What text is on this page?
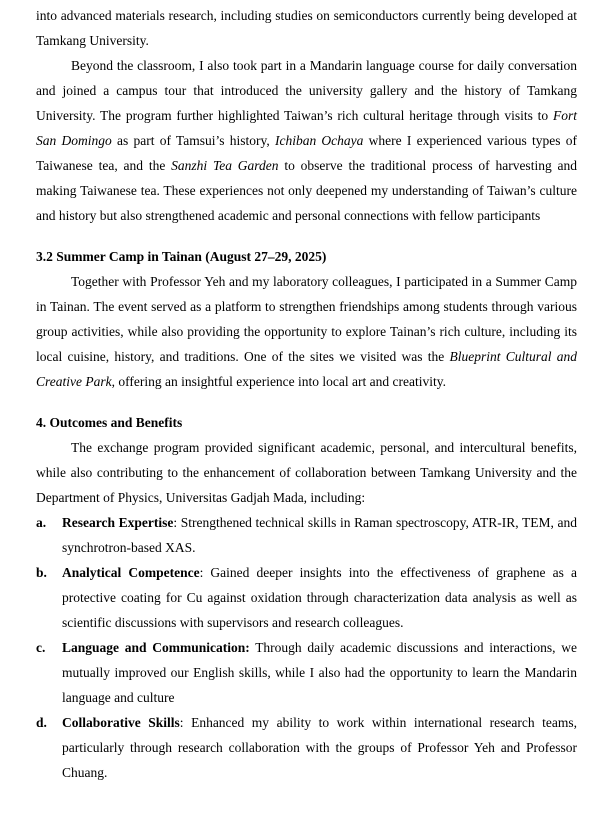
into advanced materials research, including studies on semiconductors currently being developed at Tamkang University.
Beyond the classroom, I also took part in a Mandarin language course for daily conversation and joined a campus tour that introduced the university gallery and the history of Tamkang University. The program further highlighted Taiwan’s rich cultural heritage through visits to Fort San Domingo as part of Tamsui’s history, Ichiban Ochaya where I experienced various types of Taiwanese tea, and the Sanzhi Tea Garden to observe the traditional process of harvesting and making Taiwanese tea. These experiences not only deepened my understanding of Taiwan’s culture and history but also strengthened academic and personal connections with fellow participants
3.2 Summer Camp in Tainan (August 27–29, 2025)
Together with Professor Yeh and my laboratory colleagues, I participated in a Summer Camp in Tainan. The event served as a platform to strengthen friendships among students through various group activities, while also providing the opportunity to explore Tainan’s rich culture, including its local cuisine, history, and traditions. One of the sites we visited was the Blueprint Cultural and Creative Park, offering an insightful experience into local art and creativity.
4. Outcomes and Benefits
The exchange program provided significant academic, personal, and intercultural benefits, while also contributing to the enhancement of collaboration between Tamkang University and the Department of Physics, Universitas Gadjah Mada, including:
a. Research Expertise: Strengthened technical skills in Raman spectroscopy, ATR-IR, TEM, and synchrotron-based XAS.
b. Analytical Competence: Gained deeper insights into the effectiveness of graphene as a protective coating for Cu against oxidation through characterization data analysis as well as scientific discussions with supervisors and research colleagues.
c. Language and Communication: Through daily academic discussions and interactions, we mutually improved our English skills, while I also had the opportunity to learn the Mandarin language and culture
d. Collaborative Skills: Enhanced my ability to work within international research teams, particularly through research collaboration with the groups of Professor Yeh and Professor Chuang.
